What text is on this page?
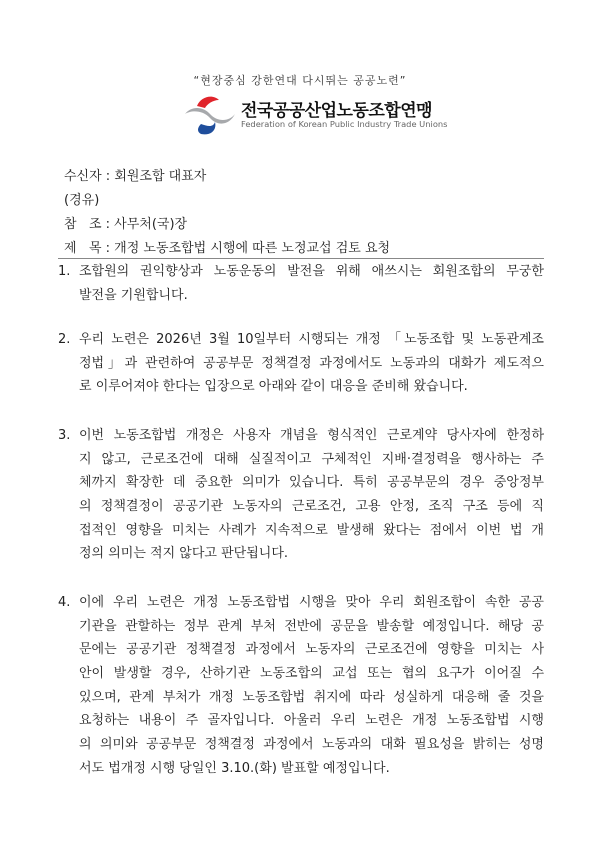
“현장중심 강한연대 다시뛰는 공공노련”
전국공공산업노동조합연맹
Federation of Korean Public Industry Trade Unions
수신자 : 회원조합 대표자
(경유)
참   조 : 사무처(국)장
제   목 : 개정 노동조합법 시행에 따른 노정교섭 검토 요청
1. 조합원의 권익향상과 노동운동의 발전을 위해 애쓰시는 회원조합의 무궁한
발전을 기원합니다.
2. 우리 노련은 2026년 3월 10일부터 시행되는 개정 「노동조합 및 노동관계조
정법」과 관련하여 공공부문 정책결정 과정에서도 노동과의 대화가 제도적으
로 이루어져야 한다는 입장으로 아래와 같이 대응을 준비해 왔습니다.
3. 이번 노동조합법 개정은 사용자 개념을 형식적인 근로계약 당사자에 한정하
지 않고, 근로조건에 대해 실질적이고 구체적인 지배·결정력을 행사하는 주
체까지 확장한 데 중요한 의미가 있습니다. 특히 공공부문의 경우 중앙정부
의 정책결정이 공공기관 노동자의 근로조건, 고용 안정, 조직 구조 등에 직
접적인 영향을 미치는 사례가 지속적으로 발생해 왔다는 점에서 이번 법 개
정의 의미는 적지 않다고 판단됩니다.
4. 이에 우리 노련은 개정 노동조합법 시행을 맞아 우리 회원조합이 속한 공공
기관을 관할하는 정부 관계 부처 전반에 공문을 발송할 예정입니다. 해당 공
문에는 공공기관 정책결정 과정에서 노동자의 근로조건에 영향을 미치는 사
안이 발생할 경우, 산하기관 노동조합의 교섭 또는 협의 요구가 이어질 수
있으며, 관계 부처가 개정 노동조합법 취지에 따라 성실하게 대응해 줄 것을
요청하는 내용이 주 골자입니다. 아울러 우리 노련은 개정 노동조합법 시행
의 의미와 공공부문 정책결정 과정에서 노동과의 대화 필요성을 밝히는 성명
서도 법개정 시행 당일인 3.10.(화) 발표할 예정입니다.
